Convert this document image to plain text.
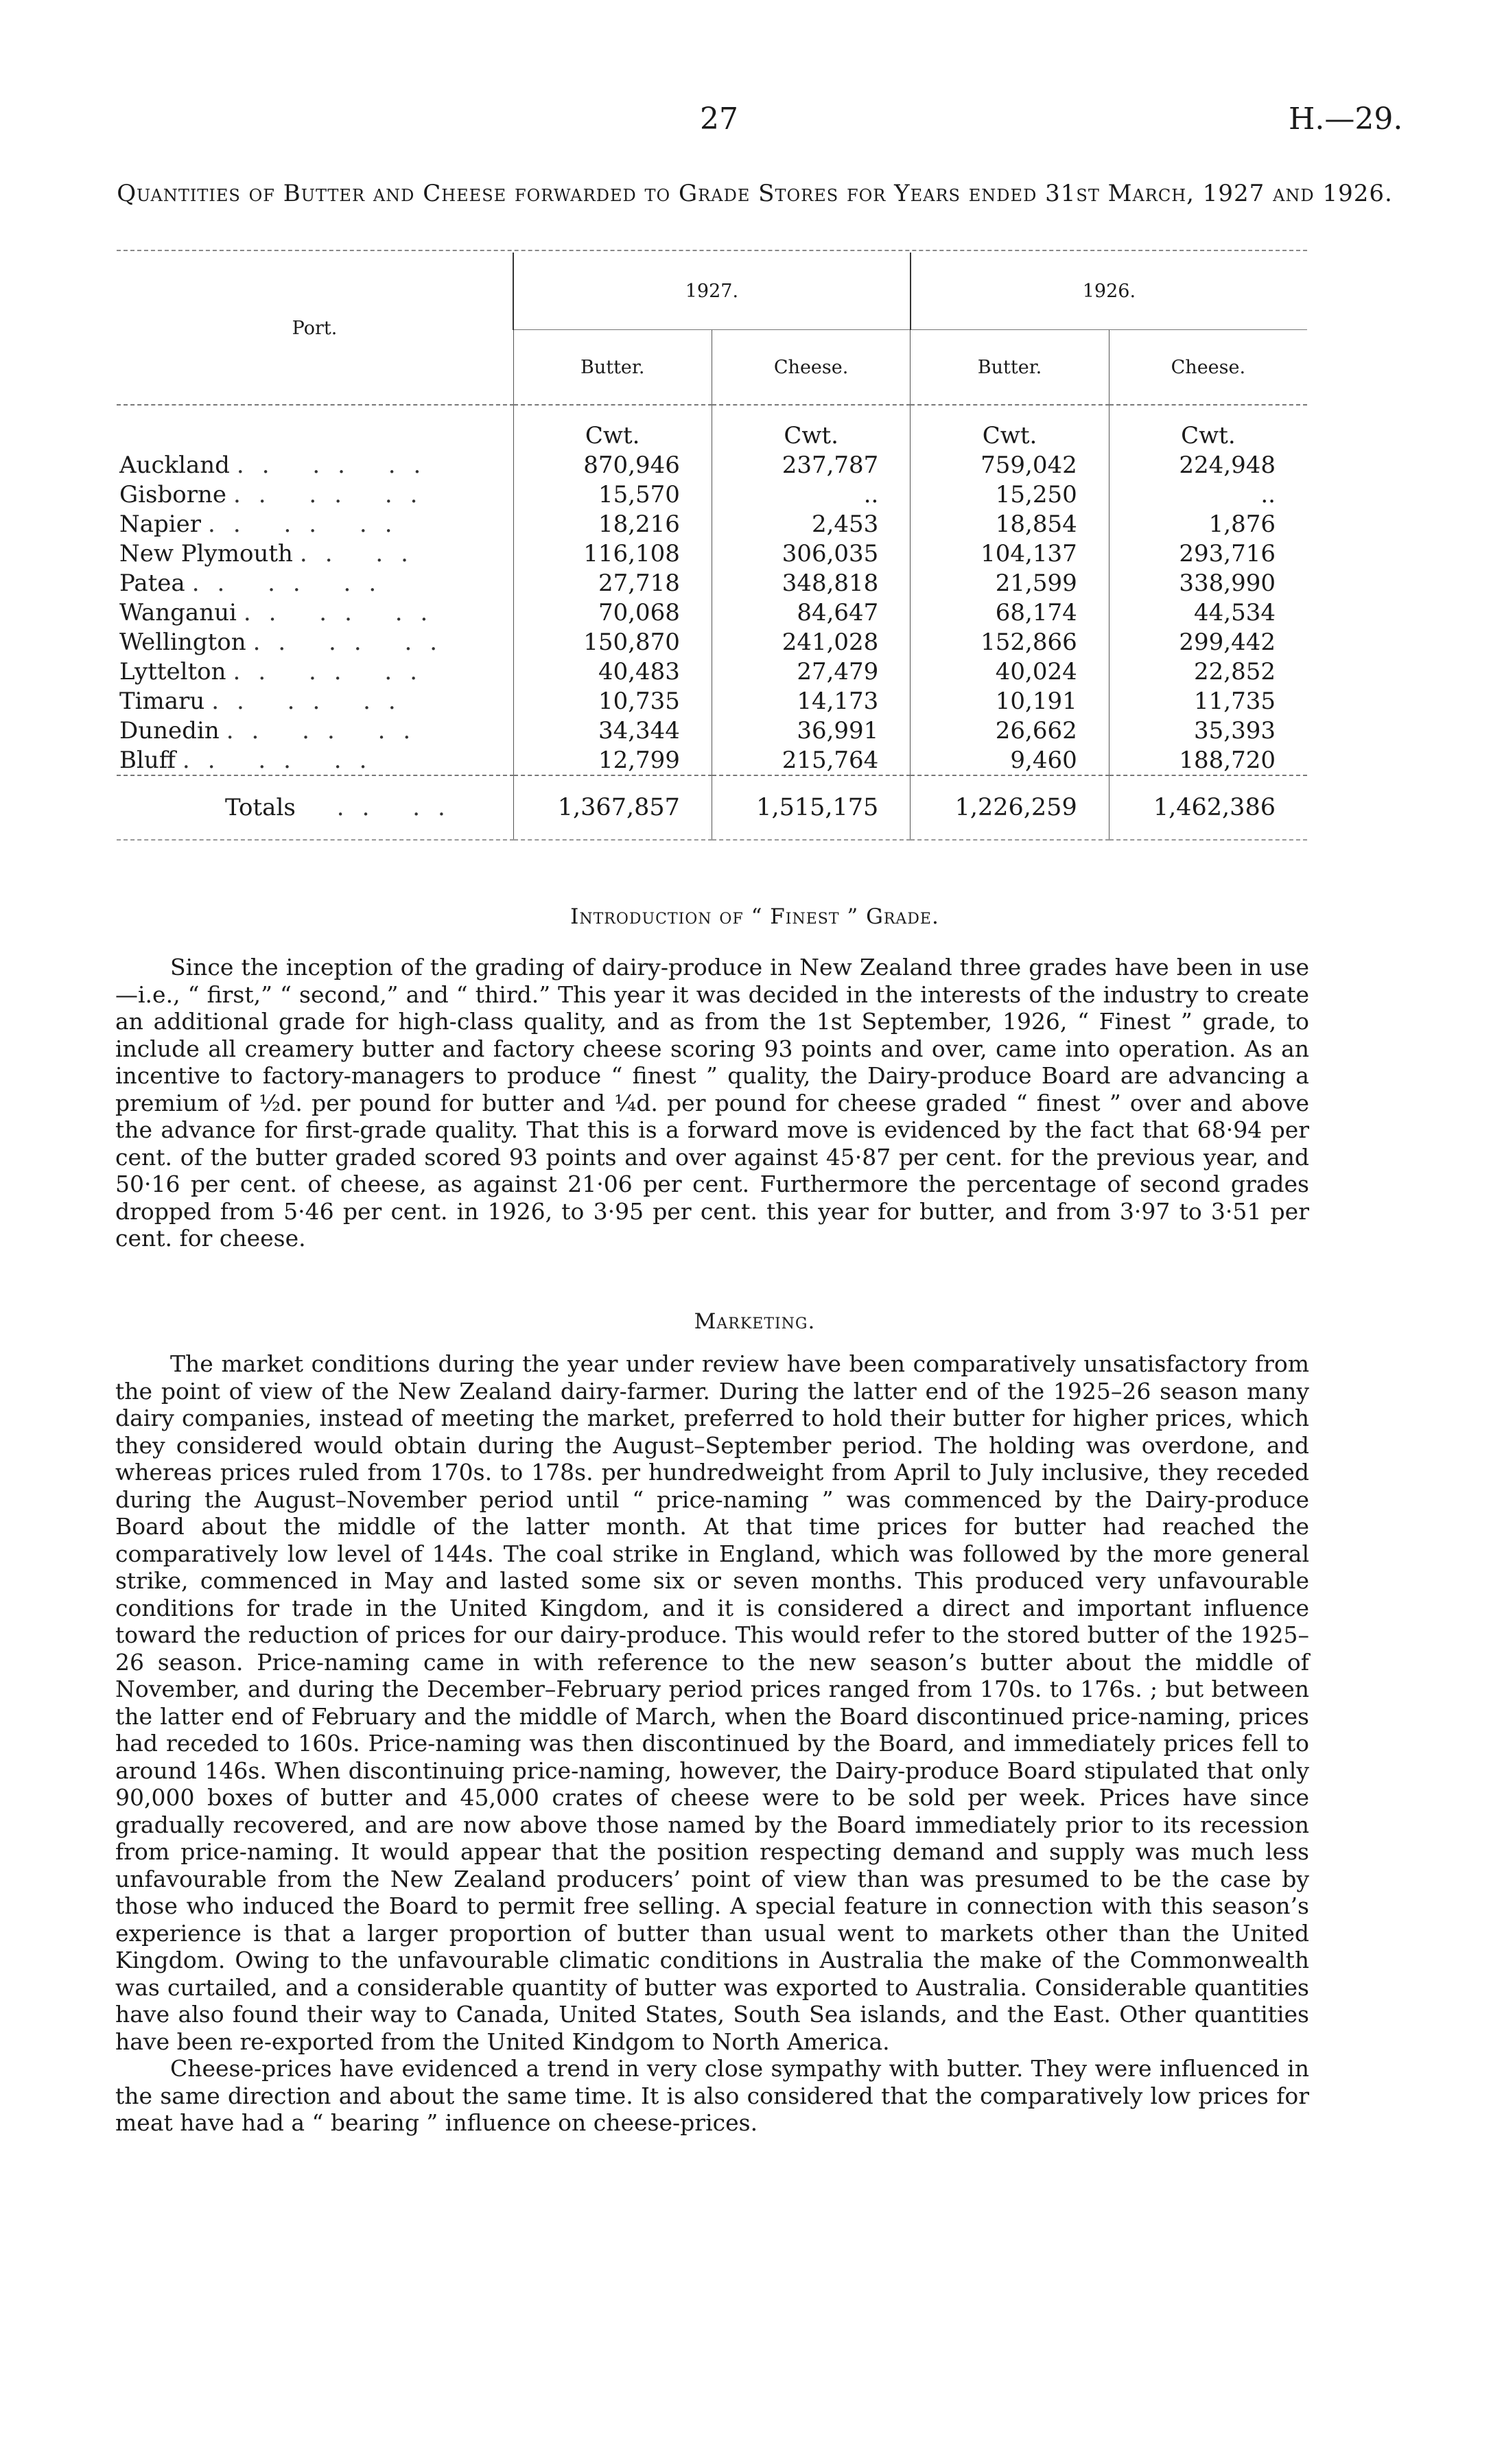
27	H.—29.
Quantities of Butter and Cheese forwarded to Grade Stores for Years ended 31st March, 1927 and 1926.
Port.	1927.		1926.	
	Butter.	Cheese.	Butter.	Cheese.
	Cwt.	Cwt.	Cwt.	Cwt.
Auckland .. .. ..	870,946	237,787	759,042	224,948
Gisborne .. .. ..	15,570	..	15,250	..
Napier .. .. ..	18,216	2,453	18,854	1,876
New Plymouth .. ..	116,108	306,035	104,137	293,716
Patea .. .. ..	27,718	348,818	21,599	338,990
Wanganui .. .. ..	70,068	84,647	68,174	44,534
Wellington .. .. ..	150,870	241,028	152,866	299,442
Lyttelton .. .. ..	40,483	27,479	40,024	22,852
Timaru .. .. ..	10,735	14,173	10,191	11,735
Dunedin .. .. ..	34,344	36,991	26,662	35,393
Bluff .. .. ..	12,799	215,764	9,460	188,720
Totals .. ..	1,367,857	1,515,175	1,226,259	1,462,386
Introduction of “ Finest ” Grade.

Since the inception of the grading of dairy-produce in New Zealand three grades have been in use—i.e., “ first,” “ second,” and “ third.” This year it was decided in the interests of the industry to create an additional grade for high-class quality, and as from the 1st September, 1926, “ Finest ” grade, to include all creamery butter and factory cheese scoring 93 points and over, came into operation. As an incentive to factory-managers to produce “ finest ” quality, the Dairy-produce Board are advancing a premium of ½d. per pound for butter and ¼d. per pound for cheese graded “ finest ” over and above the advance for first-grade quality. That this is a forward move is evidenced by the fact that 68·94 per cent. of the butter graded scored 93 points and over against 45·87 per cent. for the previous year, and 50·16 per cent. of cheese, as against 21·06 per cent. Furthermore the percentage of second grades dropped from 5·46 per cent. in 1926, to 3·95 per cent. this year for butter, and from 3·97 to 3·51 per cent. for cheese.

Marketing.

The market conditions during the year under review have been comparatively unsatisfactory from the point of view of the New Zealand dairy-farmer. During the latter end of the 1925–26 season many dairy companies, instead of meeting the market, preferred to hold their butter for higher prices, which they considered would obtain during the August–September period. The holding was overdone, and whereas prices ruled from 170s. to 178s. per hundredweight from April to July inclusive, they receded during the August–November period until “ price-naming ” was commenced by the Dairy-produce Board about the middle of the latter month. At that time prices for butter had reached the comparatively low level of 144s. The coal strike in England, which was followed by the more general strike, commenced in May and lasted some six or seven months. This produced very unfavourable conditions for trade in the United Kingdom, and it is considered a direct and important influence toward the reduction of prices for our dairy-produce. This would refer to the stored butter of the 1925–26 season. Price-naming came in with reference to the new season’s butter about the middle of November, and during the December–February period prices ranged from 170s. to 176s. ; but between the latter end of February and the middle of March, when the Board discontinued price-naming, prices had receded to 160s. Price-naming was then discontinued by the Board, and immediately prices fell to around 146s. When discontinuing price-naming, however, the Dairy-produce Board stipulated that only 90,000 boxes of butter and 45,000 crates of cheese were to be sold per week. Prices have since gradually recovered, and are now above those named by the Board immediately prior to its recession from price-naming. It would appear that the position respecting demand and supply was much less unfavourable from the New Zealand producers’ point of view than was presumed to be the case by those who induced the Board to permit free selling. A special feature in connection with this season’s experience is that a larger proportion of butter than usual went to markets other than the United Kingdom. Owing to the unfavourable climatic conditions in Australia the make of the Commonwealth was curtailed, and a considerable quantity of butter was exported to Australia. Considerable quantities have also found their way to Canada, United States, South Sea islands, and the East. Other quantities have been re-exported from the United Kindgom to North America.

Cheese-prices have evidenced a trend in very close sympathy with butter. They were influenced in the same direction and about the same time. It is also considered that the comparatively low prices for meat have had a “ bearing ” influence on cheese-prices.
